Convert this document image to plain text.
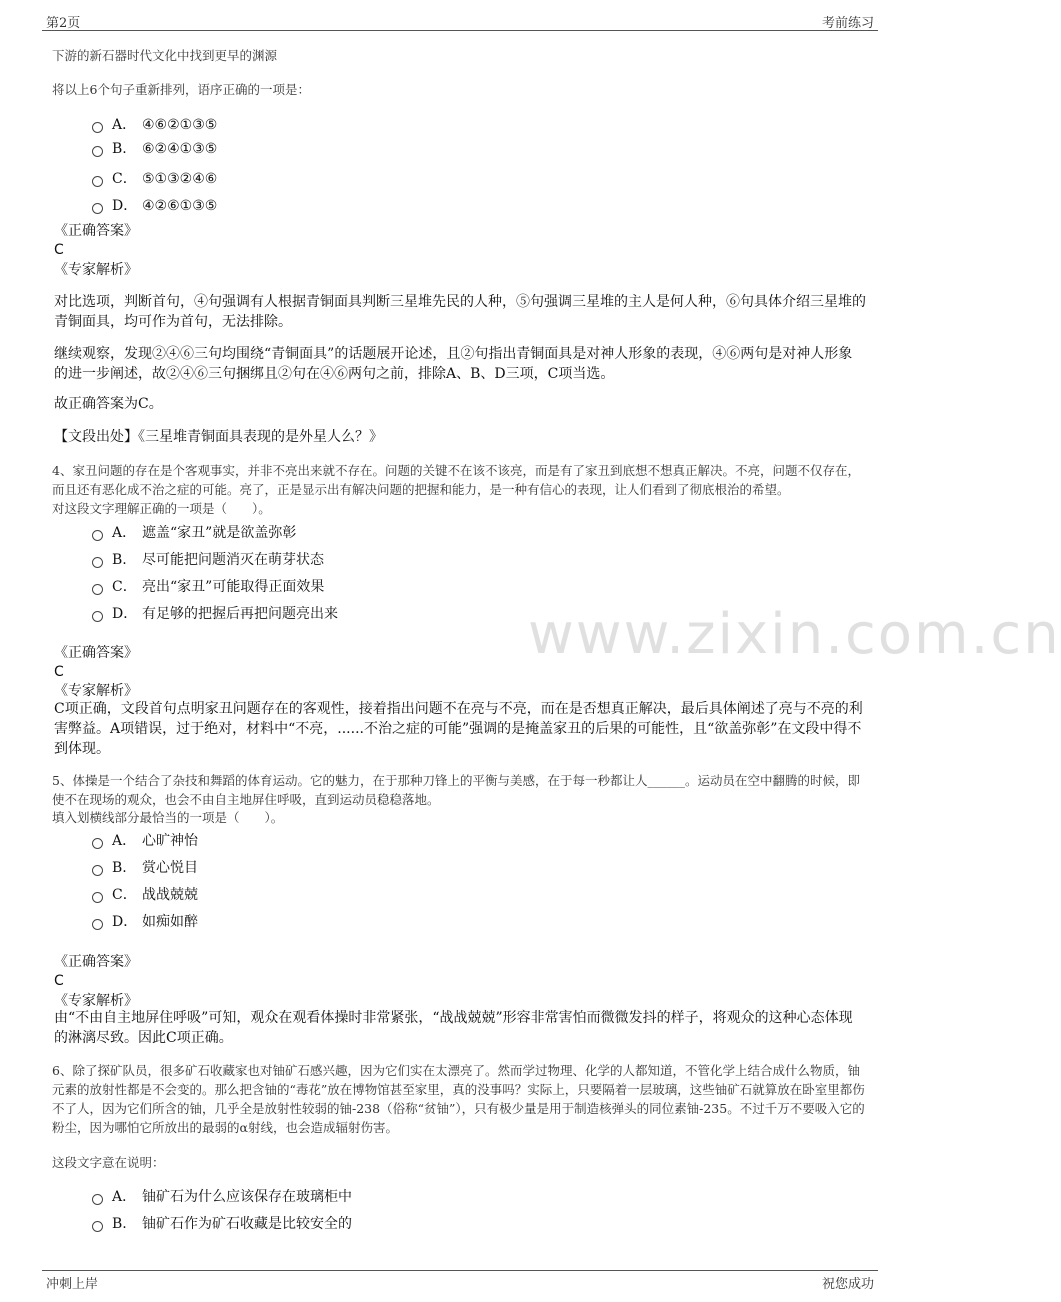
第2页	考前练习
下游的新石器时代文化中找到更早的渊源
将以上6个句子重新排列，语序正确的一项是：
A． ④⑥②①③⑤
B. ⑥②④①③⑤
C． ⑤①③②④⑥
D． ④②⑥①③⑤
《正确答案》
C
《专家解析》
对比选项，判断首句，④句强调有人根据青铜面具判断三星堆先民的人种，⑤句强调三星堆的主人是何人种，⑥句具体介绍三星堆的青铜面具，均可作为首句，无法排除。
继续观察，发现②④⑥三句均围绕“青铜面具”的话题展开论述，且②句指出青铜面具是对神人形象的表现，④⑥两句是对神人形象的进一步阐述，故②④⑥三句捆绑且②句在④⑥两句之前，排除A、B、D三项，C项当选。
故正确答案为C。
【文段出处】《三星堆青铜面具表现的是外星人么？》
4、家丑问题的存在是个客观事实，并非不亮出来就不存在。问题的关键不在该不该亮，而是有了家丑到底想不想真正解决。不亮，问题不仅存在，而且还有恶化成不治之症的可能。亮了，正是显示出有解决问题的把握和能力，是一种有信心的表现，让人们看到了彻底根治的希望。
对这段文字理解正确的一项是（　　）。
A． 遮盖“家丑”就是欲盖弥彰
B. 尽可能把问题消灭在萌芽状态
C． 亮出“家丑”可能取得正面效果
D． 有足够的把握后再把问题亮出来	www.zixin.com.cn
《正确答案》
C
《专家解析》
C项正确，文段首句点明家丑问题存在的客观性，接着指出问题不在亮与不亮，而在是否想真正解决，最后具体阐述了亮与不亮的利害弊益。A项错误，过于绝对，材料中“不亮，......不治之症的可能”强调的是掩盖家丑的后果的可能性，且“欲盖弥彰”在文段中得不到体现。
5、体操是一个结合了杂技和舞蹈的体育运动。它的魅力，在于那种刀锋上的平衡与美感，在于每一秒都让人______。运动员在空中翻腾的时候，即使不在现场的观众，也会不由自主地屏住呼吸，直到运动员稳稳落地。
填入划横线部分最恰当的一项是（　　）。
A． 心旷神怡
B. 赏心悦目
C． 战战兢兢
D． 如痴如醉
《正确答案》
C
《专家解析》
由“不由自主地屏住呼吸”可知，观众在观看体操时非常紧张，“战战兢兢”形容非常害怕而微微发抖的样子，将观众的这种心态体现的淋漓尽致。因此C项正确。
6、除了探矿队员，很多矿石收藏家也对铀矿石感兴趣，因为它们实在太漂亮了。然而学过物理、化学的人都知道，不管化学上结合成什么物质，铀元素的放射性都是不会变的。那么把含铀的“毒花”放在博物馆甚至家里，真的没事吗？实际上，只要隔着一层玻璃，这些铀矿石就算放在卧室里都伤不了人，因为它们所含的铀，几乎全是放射性较弱的铀-238（俗称“贫铀”），只有极少量是用于制造核弹头的同位素铀-235。不过千万不要吸入它的粉尘，因为哪怕它所放出的最弱的α射线，也会造成辐射伤害。
这段文字意在说明：
A． 铀矿石为什么应该保存在玻璃柜中
B. 铀矿石作为矿石收藏是比较安全的
冲刺上岸	祝您成功
